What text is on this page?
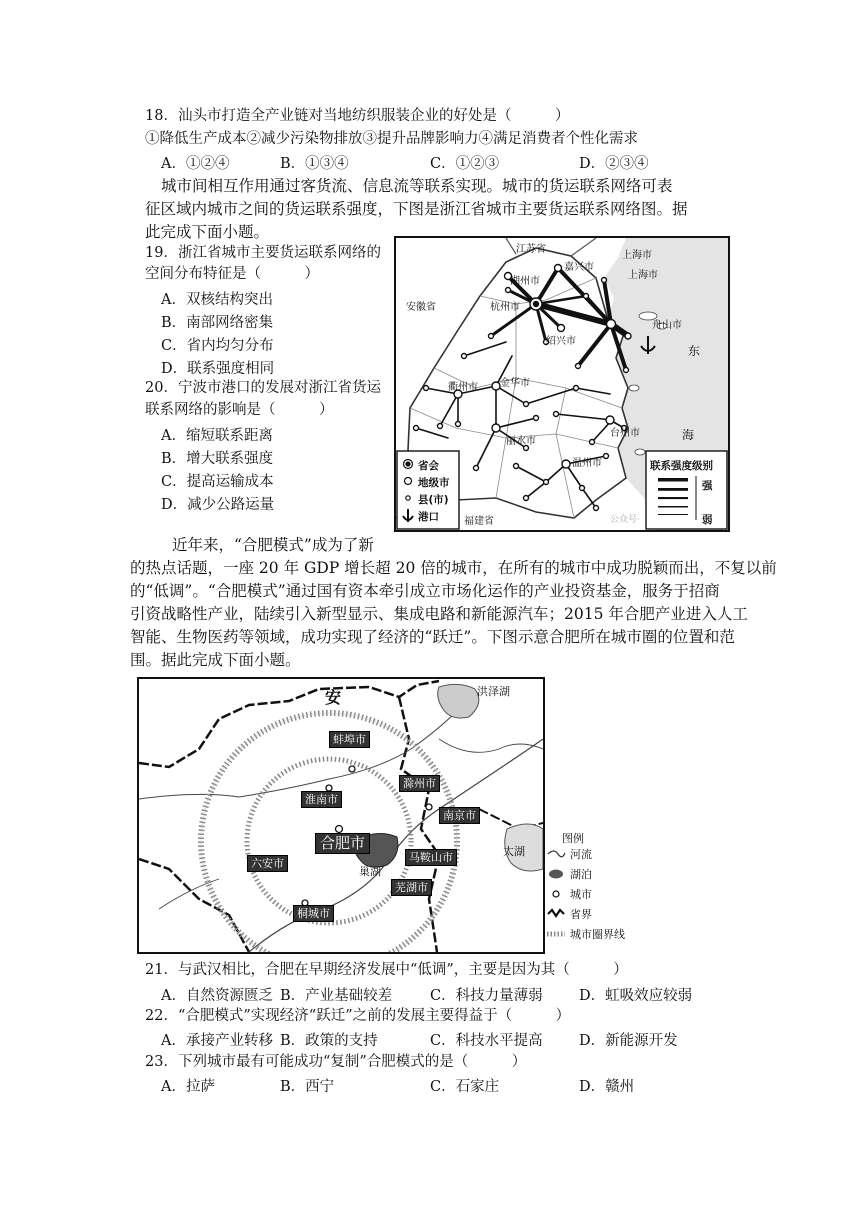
18．汕头市打造全产业链对当地纺织服装企业的好处是（　　　）
①降低生产成本②减少污染物排放③提升品牌影响力④满足消费者个性化需求
A．①②④	B．①③④	C．①②③	D．②③④
城市间相互作用通过客货流、信息流等联系实现。城市的货运联系网络可表
征区域内城市之间的货运联系强度，下图是浙江省城市主要货运联系网络图。据
此完成下面小题。
19．浙江省城市主要货运联系网络的
空间分布特征是（　　　）
A．双核结构突出
B．南部网络密集
C．省内均匀分布
D．联系强度相同
20．宁波市港口的发展对浙江省货运
联系网络的影响是（　　　）
A．缩短联系距离
B．增大联系强度
C．提高运输成本
D．减少公路运量
江苏省
上海市
上海市
安徽省
湖州市
嘉兴市
杭州市
绍兴市
舟山市
衢州市 金华市
丽水市
台州市
温州市
福建省
东
海
省会
地级市
县(市)
港口
联系强度级别
强
弱
公众号·
近年来，“合肥模式”成为了新
的热点话题，一座 20 年 GDP 增长超 20 倍的城市，在所有的城市中成功脱颖而出，不复以前
的“低调”。“合肥模式”通过国有资本牵引成立市场化运作的产业投资基金，服务于招商
引资战略性产业，陆续引入新型显示、集成电路和新能源汽车；2015 年合肥产业进入人工
智能、生物医药等领域，成功实现了经济的“跃迁”。下图示意合肥所在城市圈的位置和范
围。据此完成下面小题。
安	洪泽湖
蚌埠市
淮南市
滁州市
南京市
合肥市
巢湖
马鞍山市
六安市
芜湖市
桐城市
太湖
图例
河流
湖泊
城市
省界
城市圈界线
21．与武汉相比，合肥在早期经济发展中“低调”，主要是因为其（　　　）
A．自然资源匮乏 B．产业基础较差	C．科技力量薄弱	D．虹吸效应较弱
22．“合肥模式”实现经济“跃迁”之前的发展主要得益于（　　　）
A．承接产业转移 B．政策的支持	C．科技水平提高	D．新能源开发
23．下列城市最有可能成功“复制”合肥模式的是（　　　）
A．拉萨	B．西宁	C．石家庄	D．赣州
